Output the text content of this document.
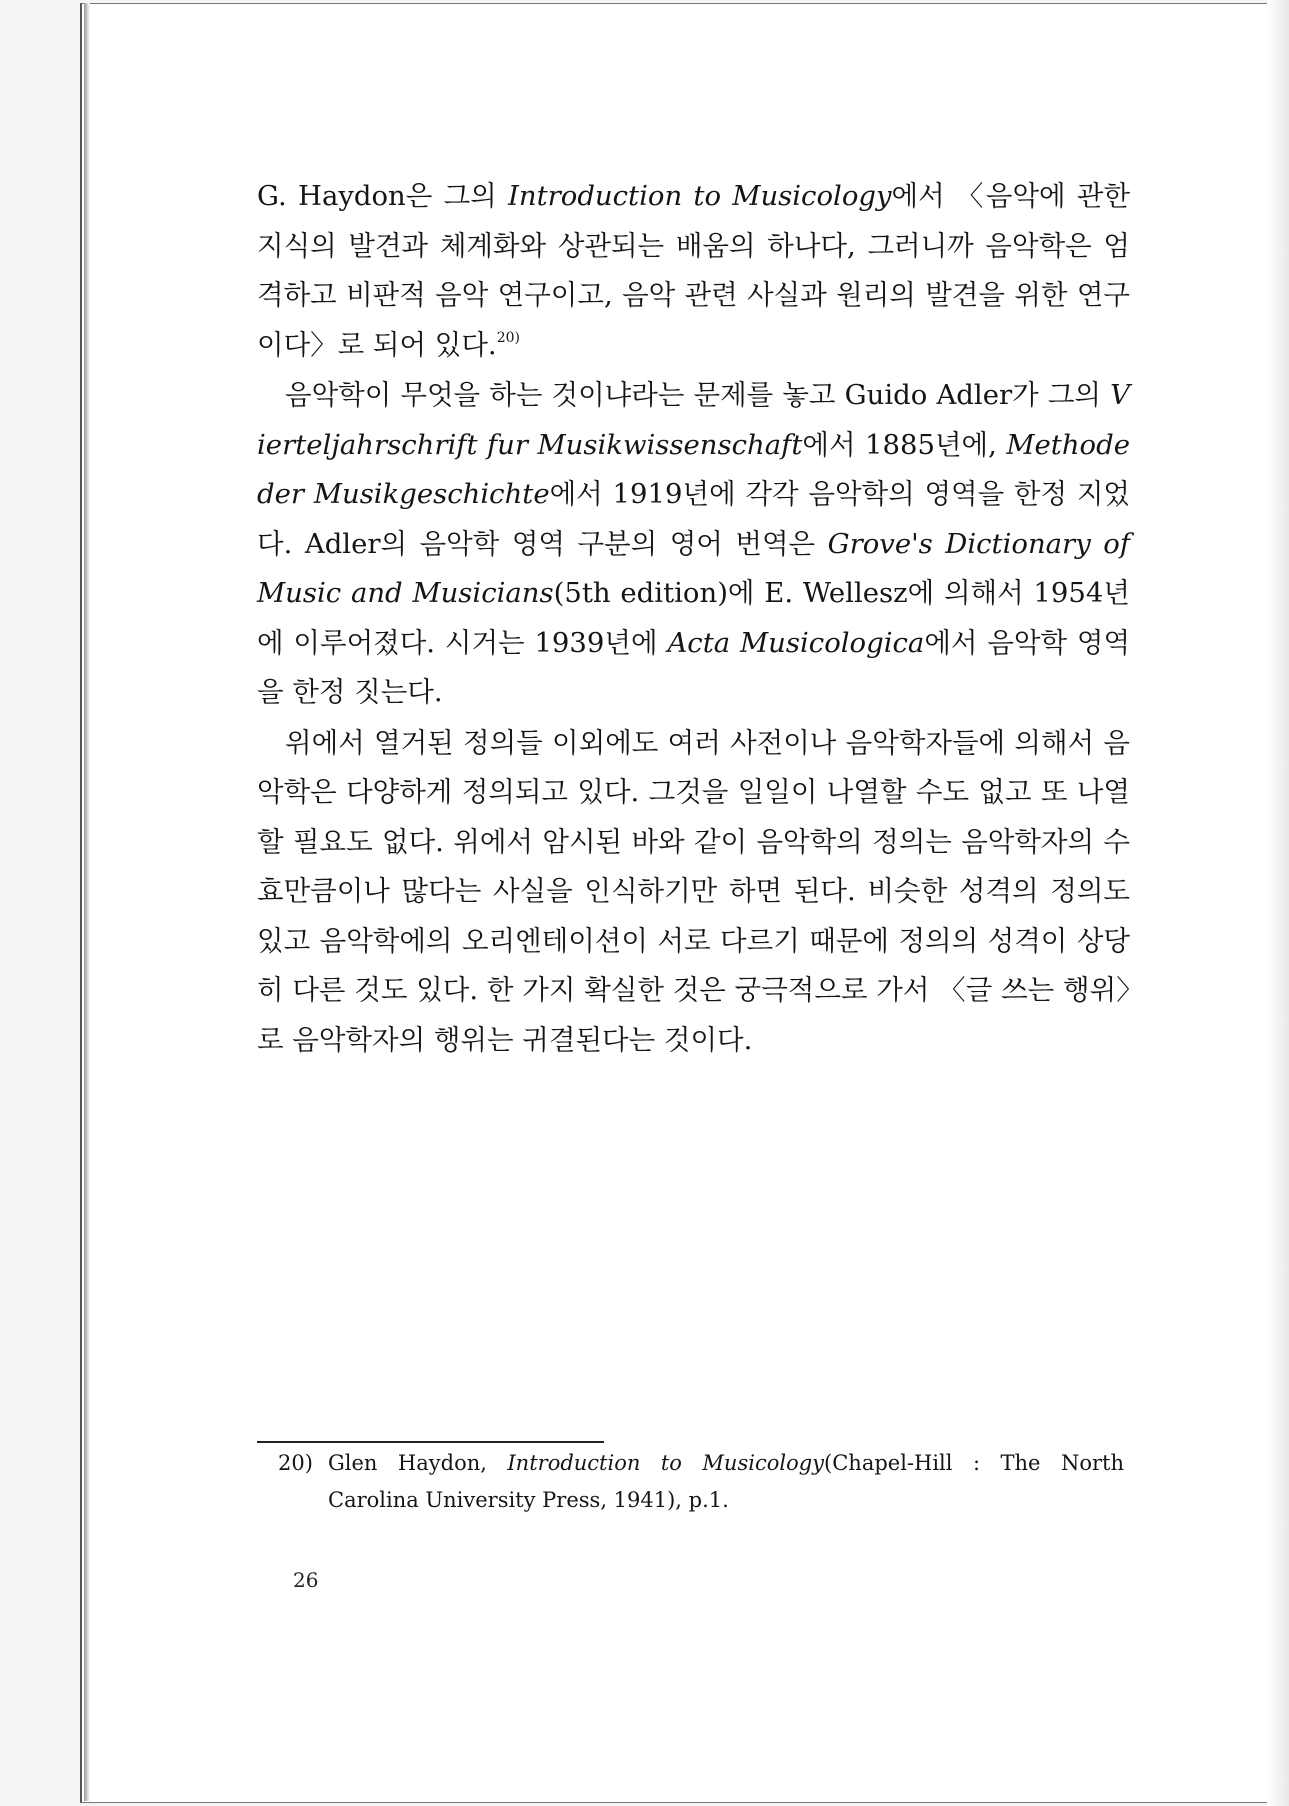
G. Haydon은 그의 Introduction to Musicology에서 〈음악에 관한 지식의 발견과 체계화와 상관되는 배움의 하나다, 그러니까 음악학은 엄격하고 비판적 음악 연구이고, 음악 관련 사실과 원리의 발견을 위한 연구이다〉로 되어 있다.$^{20)}$

음악학이 무엇을 하는 것이냐라는 문제를 놓고 Guido Adler가 그의 Vierteljahrschrift fur Musikwissenschaft에서 1885년에, Methode der Musikgeschichte에서 1919년에 각각 음악학의 영역을 한정 지었다. Adler의 음악학 영역 구분의 영어 번역은 Grove's Dictionary of Music and Musicians(5th edition)에 E. Wellesz에 의해서 1954년에 이루어졌다. 시거는 1939년에 Acta Musicologica에서 음악학 영역을 한정 짓는다.

위에서 열거된 정의들 이외에도 여러 사전이나 음악학자들에 의해서 음악학은 다양하게 정의되고 있다. 그것을 일일이 나열할 수도 없고 또 나열할 필요도 없다. 위에서 암시된 바와 같이 음악학의 정의는 음악학자의 수효만큼이나 많다는 사실을 인식하기만 하면 된다. 비슷한 성격의 정의도 있고 음악학에의 오리엔테이션이 서로 다르기 때문에 정의의 성격이 상당히 다른 것도 있다. 한 가지 확실한 것은 궁극적으로 가서 〈글 쓰는 행위〉로 음악학자의 행위는 귀결된다는 것이다.

20) Glen Haydon, Introduction to Musicology(Chapel-Hill : The North Carolina University Press, 1941), p.1.
26
